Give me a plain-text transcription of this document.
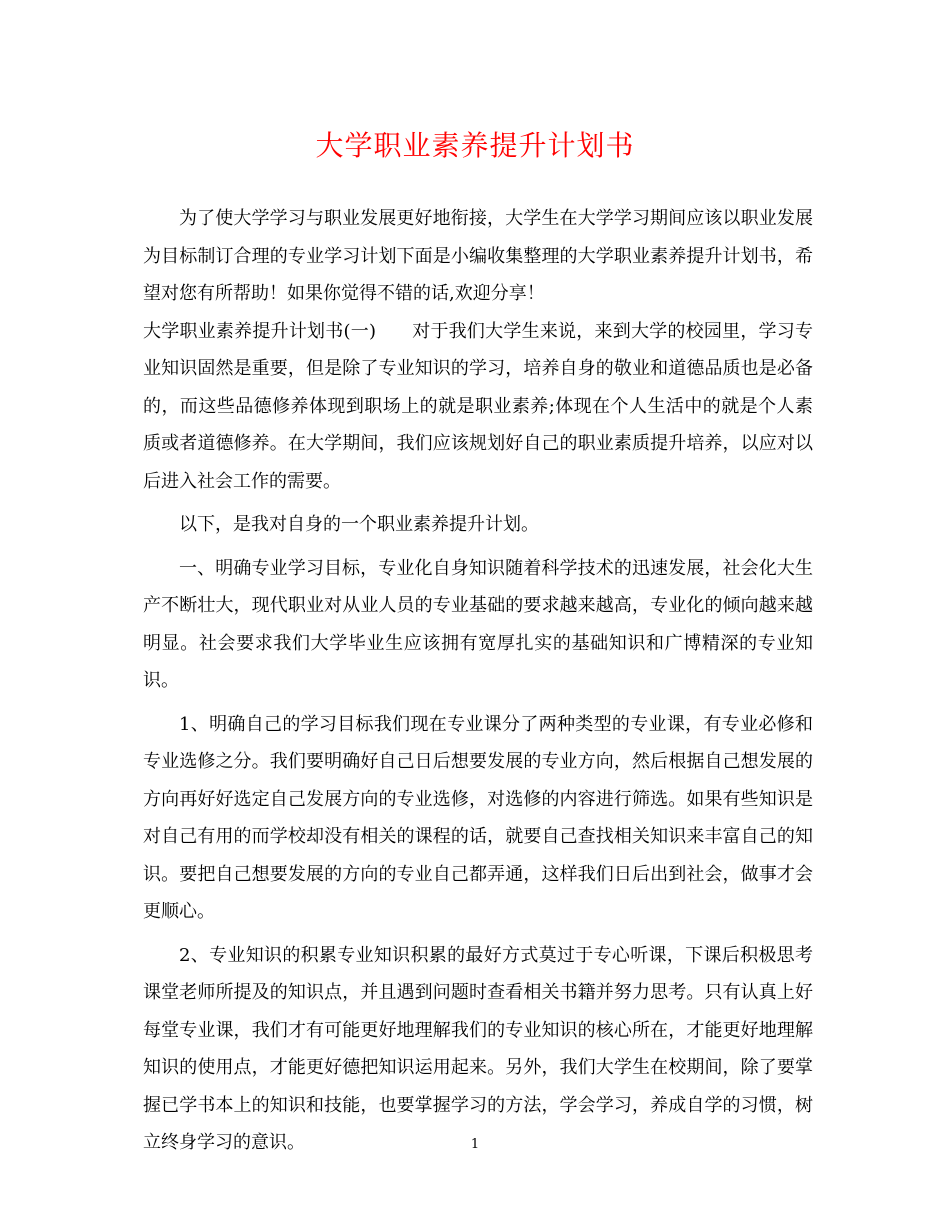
大学职业素养提升计划书

为了使大学学习与职业发展更好地衔接，大学生在大学学习期间应该以职业发展为目标制订合理的专业学习计划下面是小编收集整理的大学职业素养提升计划书，希望对您有所帮助！如果你觉得不错的话,欢迎分享！

大学职业素养提升计划书(一)   对于我们大学生来说，来到大学的校园里，学习专业知识固然是重要，但是除了专业知识的学习，培养自身的敬业和道德品质也是必备的，而这些品德修养体现到职场上的就是职业素养;体现在个人生活中的就是个人素质或者道德修养。在大学期间，我们应该规划好自己的职业素质提升培养，以应对以后进入社会工作的需要。

以下，是我对自身的一个职业素养提升计划。

一、明确专业学习目标，专业化自身知识随着科学技术的迅速发展，社会化大生产不断壮大，现代职业对从业人员的专业基础的要求越来越高，专业化的倾向越来越明显。社会要求我们大学毕业生应该拥有宽厚扎实的基础知识和广博精深的专业知识。

1、明确自己的学习目标我们现在专业课分了两种类型的专业课，有专业必修和专业选修之分。我们要明确好自己日后想要发展的专业方向，然后根据自己想发展的方向再好好选定自己发展方向的专业选修，对选修的内容进行筛选。如果有些知识是对自己有用的而学校却没有相关的课程的话，就要自己查找相关知识来丰富自己的知识。要把自己想要发展的方向的专业自己都弄通，这样我们日后出到社会，做事才会更顺心。

2、专业知识的积累专业知识积累的最好方式莫过于专心听课，下课后积极思考课堂老师所提及的知识点，并且遇到问题时查看相关书籍并努力思考。只有认真上好每堂专业课，我们才有可能更好地理解我们的专业知识的核心所在，才能更好地理解知识的使用点，才能更好德把知识运用起来。另外，我们大学生在校期间，除了要掌握已学书本上的知识和技能，也要掌握学习的方法，学会学习，养成自学的习惯，树立终身学习的意识。	1
